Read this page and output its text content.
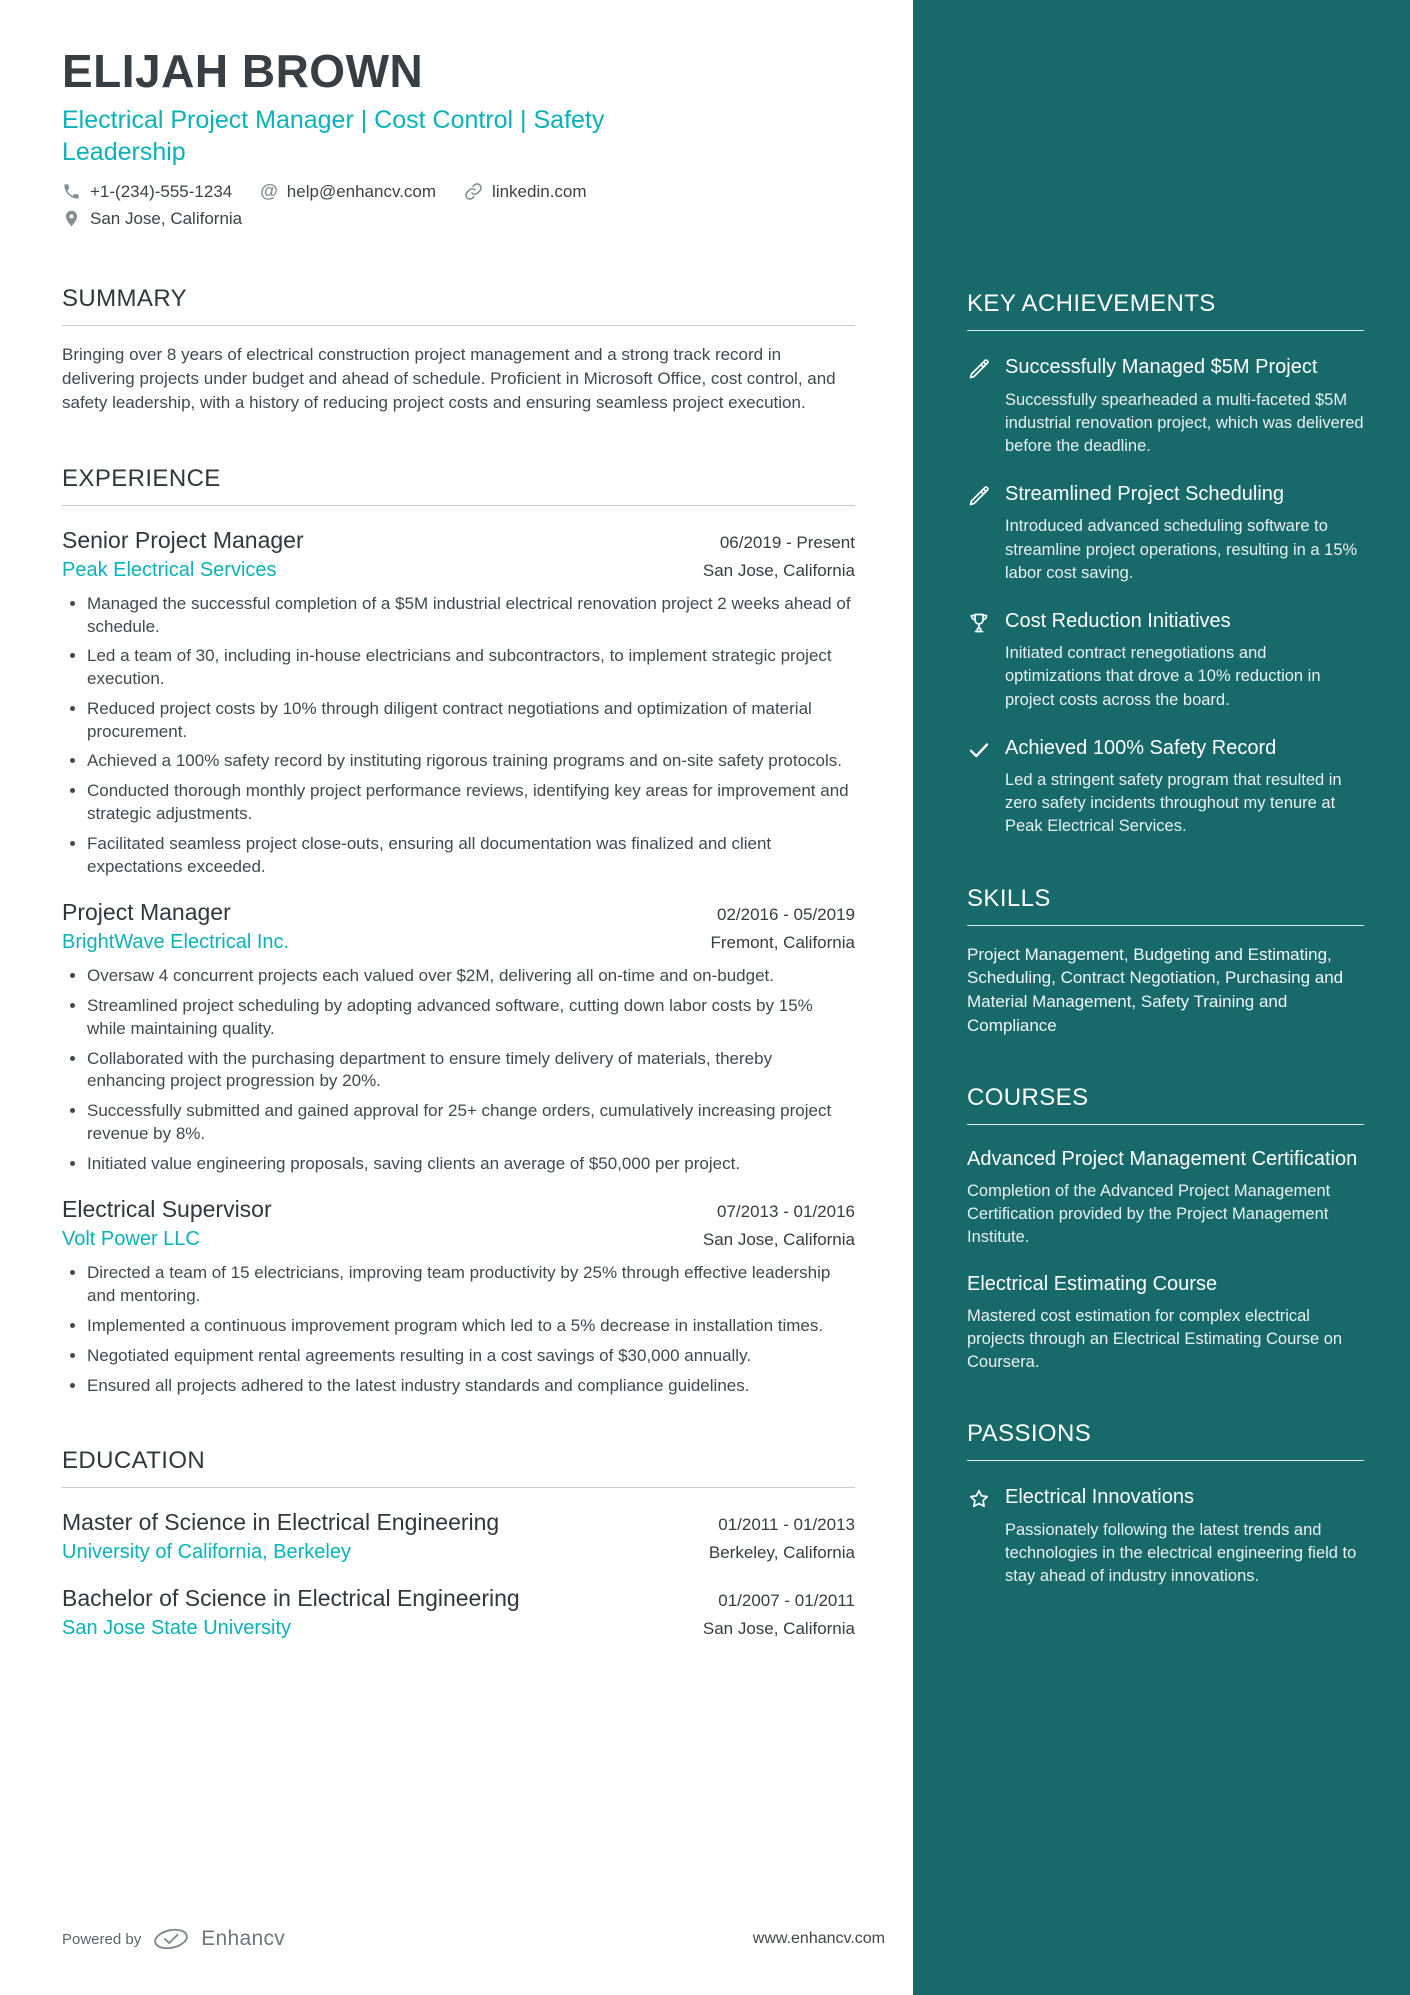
ELIJAH BROWN
Electrical Project Manager | Cost Control | Safety Leadership
+1-(234)-555-1234 @ help@enhancv.com	linkedin.com
San Jose, California
SUMMARY

Bringing over 8 years of electrical construction project management and a strong track record in delivering projects under budget and ahead of schedule. Proficient in Microsoft Office, cost control, and safety leadership, with a history of reducing project costs and ensuring seamless project execution.

EXPERIENCE
Senior Project Manager	06/2019 - Present
Peak Electrical Services	San Jose, California
• Managed the successful completion of a $5M industrial electrical renovation project 2 weeks ahead of schedule.
• Led a team of 30, including in-house electricians and subcontractors, to implement strategic project execution.
• Reduced project costs by 10% through diligent contract negotiations and optimization of material procurement.
• Achieved a 100% safety record by instituting rigorous training programs and on-site safety protocols.
• Conducted thorough monthly project performance reviews, identifying key areas for improvement and strategic adjustments.
• Facilitated seamless project close-outs, ensuring all documentation was finalized and client expectations exceeded.
Project Manager	02/2016 - 05/2019
BrightWave Electrical Inc.	Fremont, California
• Oversaw 4 concurrent projects each valued over $2M, delivering all on-time and on-budget.
• Streamlined project scheduling by adopting advanced software, cutting down labor costs by 15% while maintaining quality.
• Collaborated with the purchasing department to ensure timely delivery of materials, thereby enhancing project progression by 20%.
• Successfully submitted and gained approval for 25+ change orders, cumulatively increasing project revenue by 8%.
• Initiated value engineering proposals, saving clients an average of $50,000 per project.
Electrical Supervisor	07/2013 - 01/2016
Volt Power LLC	San Jose, California
• Directed a team of 15 electricians, improving team productivity by 25% through effective leadership and mentoring.
• Implemented a continuous improvement program which led to a 5% decrease in installation times.
• Negotiated equipment rental agreements resulting in a cost savings of $30,000 annually.
• Ensured all projects adhered to the latest industry standards and compliance guidelines.
EDUCATION
Master of Science in Electrical Engineering	01/2011 - 01/2013
University of California, Berkeley	Berkeley, California
Bachelor of Science in Electrical Engineering	01/2007 - 01/2011
San Jose State University	San Jose, California
Powered by	Enhancv	www.enhancv.com
KEY ACHIEVEMENTS
Successfully Managed $5M Project

Successfully spearheaded a multi-faceted $5M industrial renovation project, which was delivered before the deadline.

Streamlined Project Scheduling

Introduced advanced scheduling software to streamline project operations, resulting in a 15% labor cost saving.

Cost Reduction Initiatives

Initiated contract renegotiations and optimizations that drove a 10% reduction in project costs across the board.

Achieved 100% Safety Record

Led a stringent safety program that resulted in zero safety incidents throughout my tenure at Peak Electrical Services.

SKILLS

Project Management, Budgeting and Estimating, Scheduling, Contract Negotiation, Purchasing and Material Management, Safety Training and Compliance

COURSES
Advanced Project Management Certification

Completion of the Advanced Project Management Certification provided by the Project Management Institute.

Electrical Estimating Course

Mastered cost estimation for complex electrical projects through an Electrical Estimating Course on Coursera.

PASSIONS
Electrical Innovations

Passionately following the latest trends and technologies in the electrical engineering field to stay ahead of industry innovations.
